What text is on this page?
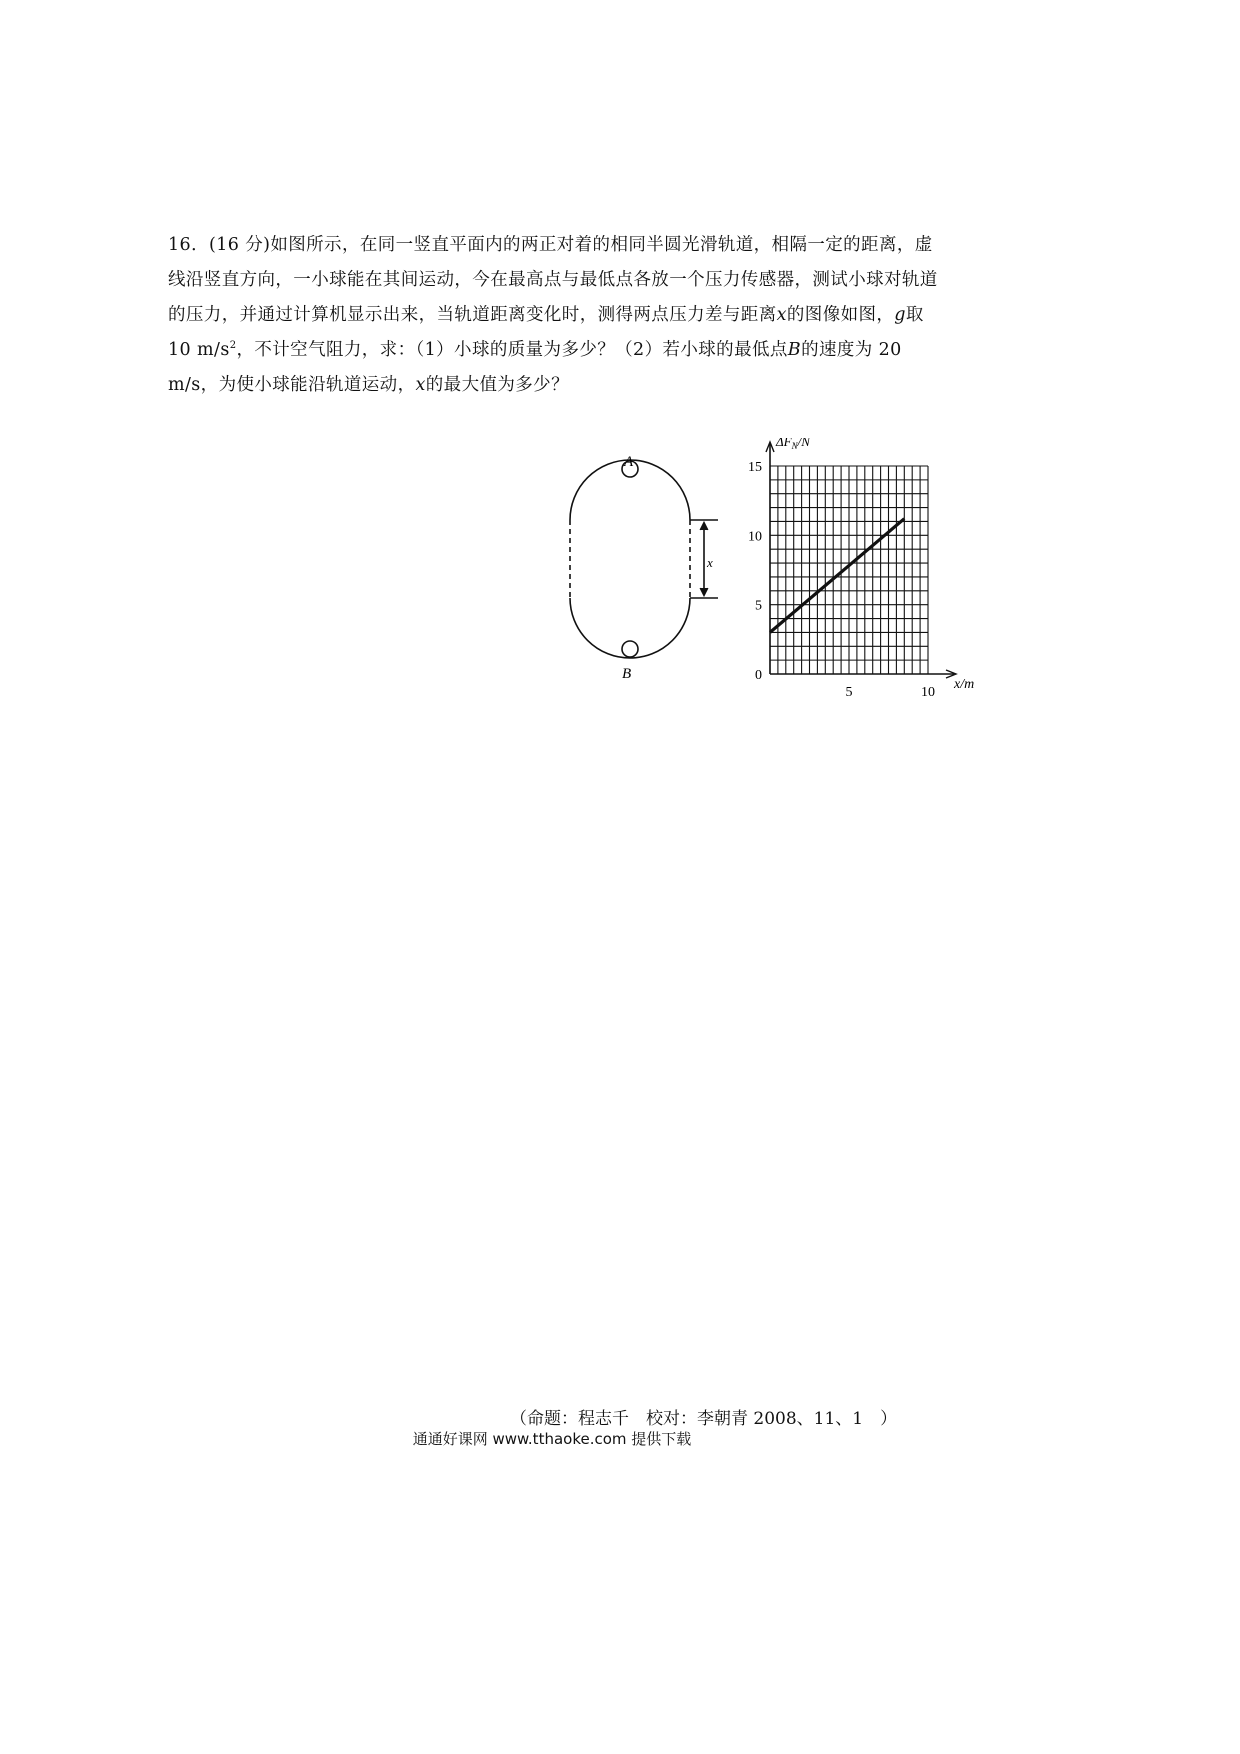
16．(16 分)如图所示，在同一竖直平面内的两正对着的相同半圆光滑轨道，相隔一定的距离，虚线沿竖直方向，一小球能在其间运动，今在最高点与最低点各放一个压力传感器，测试小球对轨道的压力，并通过计算机显示出来，当轨道距离变化时，测得两点压力差与距离x的图像如图，g取 10 $m/s^2$，不计空气阻力，求：（1）小球的质量为多少？（2）若小球的最低点B的速度为 20 m/s，为使小球能沿轨道运动，x的最大值为多少？

A
B
x
0
5
10
15
5	10
$\Delta F_N/N$
x/m
（命题：程志千　校对：李朝青 2008、11、1　）
通通好课网 www.tthaoke.com 提供下载
